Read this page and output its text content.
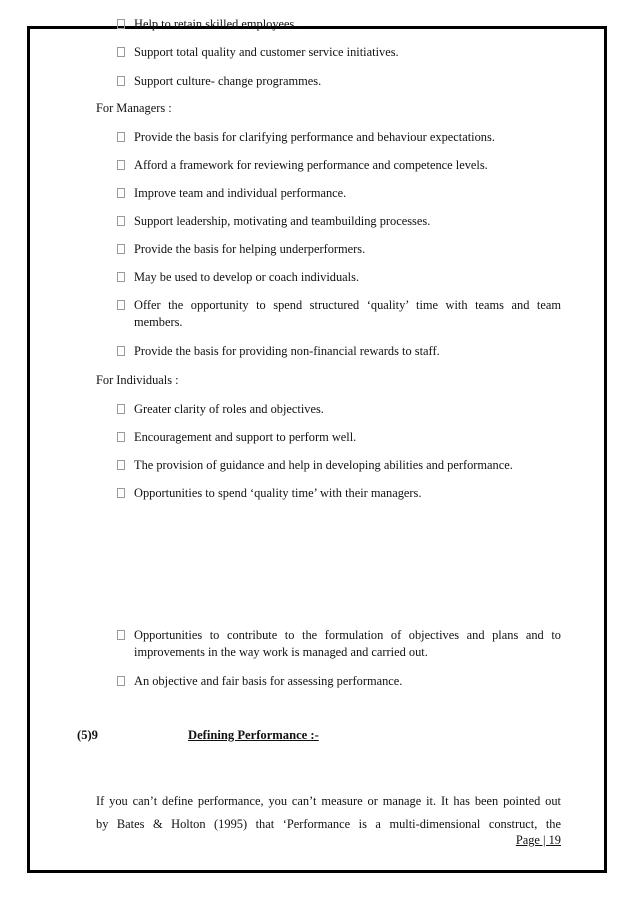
Help to retain skilled employees.
Support total quality and customer service initiatives.
Support culture- change programmes.
For Managers :
Provide the basis for clarifying performance and behaviour expectations.
Afford a framework for reviewing performance and competence levels.
Improve team and individual performance.
Support leadership, motivating and teambuilding processes.
Provide the basis for helping underperformers.
May be used to develop or coach individuals.
Offer the opportunity to spend structured ‘quality’ time with teams and team members.
Provide the basis for providing non-financial rewards to staff.
For Individuals :
Greater clarity of roles and objectives.
Encouragement and support to perform well.
The provision of guidance and help in developing abilities and performance.
Opportunities to spend ‘quality time’ with their managers.
Opportunities to contribute to the formulation of objectives and plans and to improvements in the way work is managed and carried out.
An objective and fair basis for assessing performance.
(5)9	Defining Performance :-
If you can’t define performance, you can’t measure or manage it. It has been pointed out
by Bates & Holton (1995) that ‘Performance is a multi-dimensional construct, the
Page | 19
